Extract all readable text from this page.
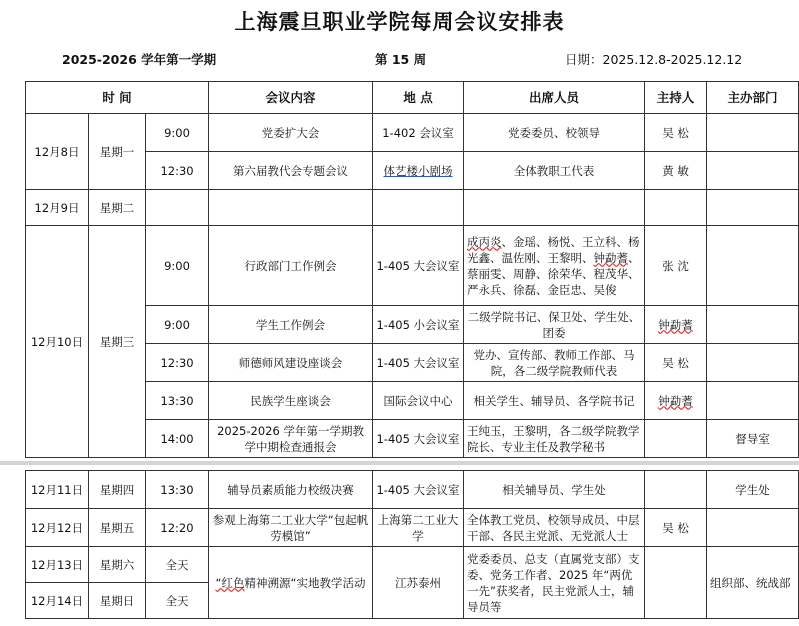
上海震旦职业学院每周会议安排表
2025-2026 学年第一学期	第 15 周	日期：2025.12.8-2025.12.12
时 间			会议内容	地 点	出席人员	主持人	主办部门
12月8日	星期一	9:00	党委扩大会	1-402 会议室	党委委员、校领导	吴 松	
		12:30	第六届教代会专题会议	体艺楼小剧场	全体教职工代表	黄 敏	
12月9日	星期二						
12月10日	星期三	9:00	行政部门工作例会	1-405 大会议室	成丙炎、金瑶、杨悦、王立科、杨光鑫、温佐刚、王黎明、钟勐蓍、蔡丽雯、周静、徐荣华、程茂华、严永兵、徐磊、金臣忠、吴俊	张 沈	
		9:00	学生工作例会	1-405 小会议室	二级学院书记、保卫处、学生处、团委	钟勐蓍	
		12:30	师德师风建设座谈会	1-405 大会议室	党办、宣传部、教师工作部、马院，各二级学院教师代表	吴 松	
		13:30	民族学生座谈会	国际会议中心	相关学生、辅导员、各学院书记	钟勐蓍	
		14:00	2025-2026 学年第一学期教学中期检查通报会	1-405 大会议室	王纯玉，王黎明，各二级学院教学院长、专业主任及教学秘书		督导室
12月11日	星期四	13:30	辅导员素质能力校级决赛	1-405 大会议室	相关辅导员、学生处		学生处
12月12日	星期五	12:20	参观上海第二工业大学“包起帆劳模馆”	上海第二工业大学	全体教工党员、校领导成员、中层干部、各民主党派、无党派人士	吴 松	
12月13日	星期六	全天	“红色精神溯源“实地教学活动	江苏泰州	党委委员、总支（直属党支部）支委、党务工作者、2025 年“两优一先”获奖者，民主党派人士，辅导员等		组织部、统战部
12月14日	星期日	全天					
